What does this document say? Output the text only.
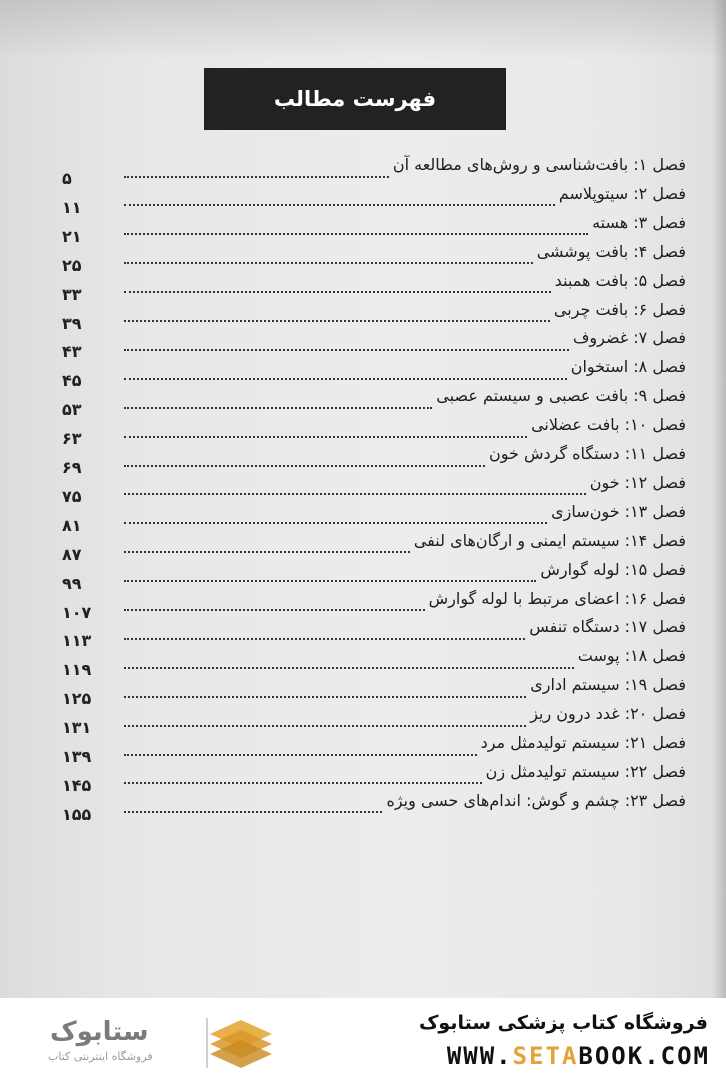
فهرست مطالب
۵
فصل ۱: بافت‌شناسی و روش‌های مطالعه آن
۱۱
فصل ۲: سیتوپلاسم
۲۱
فصل ۳: هسته
۲۵
فصل ۴: بافت پوششی
۳۳
فصل ۵: بافت همبند
۳۹
فصل ۶: بافت چربی
۴۳
فصل ۷: غضروف
۴۵
فصل ۸: استخوان
۵۳
فصل ۹: بافت عصبی و سیستم عصبی
۶۳
فصل ۱۰: بافت عضلانی
۶۹
فصل ۱۱: دستگاه گردش خون
۷۵
فصل ۱۲: خون
۸۱
فصل ۱۳: خون‌سازی
۸۷
فصل ۱۴: سیستم ایمنی و ارگان‌های لنفی
۹۹
فصل ۱۵: لوله گوارش
۱۰۷
فصل ۱۶: اعضای مرتبط با لوله گوارش
۱۱۳
فصل ۱۷: دستگاه تنفس
۱۱۹
فصل ۱۸: پوست
۱۲۵
فصل ۱۹: سیستم اداری
۱۳۱
فصل ۲۰: غدد درون ریز
۱۳۹
فصل ۲۱: سیستم تولیدمثل مرد
۱۴۵
فصل ۲۲: سیستم تولیدمثل زن
۱۵۵
فصل ۲۳: چشم و گوش: اندام‌های حسی ویژه
ستابوک
فروشگاه اینترنتی کتاب
فروشگاه کتاب پزشکی ستابوک
WWW.SETABOOK.COM
